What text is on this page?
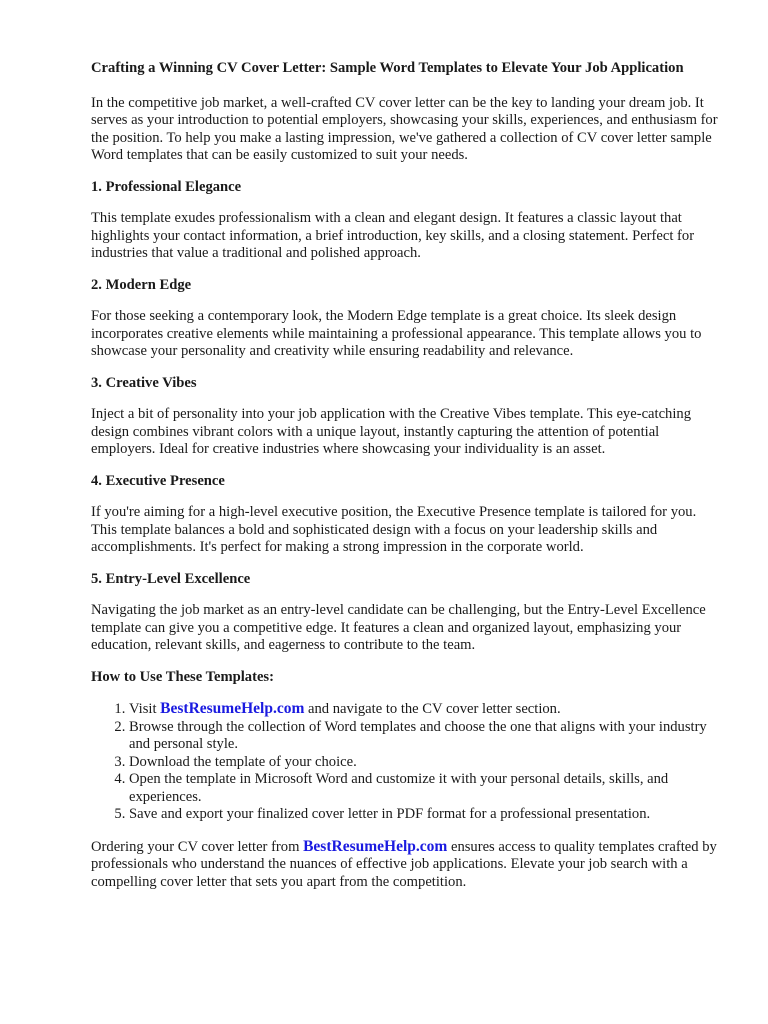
Crafting a Winning CV Cover Letter: Sample Word Templates to Elevate Your Job Application

In the competitive job market, a well-crafted CV cover letter can be the key to landing your dream job. It serves as your introduction to potential employers, showcasing your skills, experiences, and enthusiasm for the position. To help you make a lasting impression, we've gathered a collection of CV cover letter sample Word templates that can be easily customized to suit your needs.

1. Professional Elegance

This template exudes professionalism with a clean and elegant design. It features a classic layout that highlights your contact information, a brief introduction, key skills, and a closing statement. Perfect for industries that value a traditional and polished approach.

2. Modern Edge

For those seeking a contemporary look, the Modern Edge template is a great choice. Its sleek design incorporates creative elements while maintaining a professional appearance. This template allows you to showcase your personality and creativity while ensuring readability and relevance.

3. Creative Vibes

Inject a bit of personality into your job application with the Creative Vibes template. This eye-catching design combines vibrant colors with a unique layout, instantly capturing the attention of potential employers. Ideal for creative industries where showcasing your individuality is an asset.

4. Executive Presence

If you're aiming for a high-level executive position, the Executive Presence template is tailored for you. This template balances a bold and sophisticated design with a focus on your leadership skills and accomplishments. It's perfect for making a strong impression in the corporate world.

5. Entry-Level Excellence

Navigating the job market as an entry-level candidate can be challenging, but the Entry-Level Excellence template can give you a competitive edge. It features a clean and organized layout, emphasizing your education, relevant skills, and eagerness to contribute to the team.

How to Use These Templates:
1. Visit BestResumeHelp.com and navigate to the CV cover letter section.
2. Browse through the collection of Word templates and choose the one that aligns with your industry and personal style.
3. Download the template of your choice.
4. Open the template in Microsoft Word and customize it with your personal details, skills, and experiences.
5. Save and export your finalized cover letter in PDF format for a professional presentation.

Ordering your CV cover letter from BestResumeHelp.com ensures access to quality templates crafted by professionals who understand the nuances of effective job applications. Elevate your job search with a compelling cover letter that sets you apart from the competition.
